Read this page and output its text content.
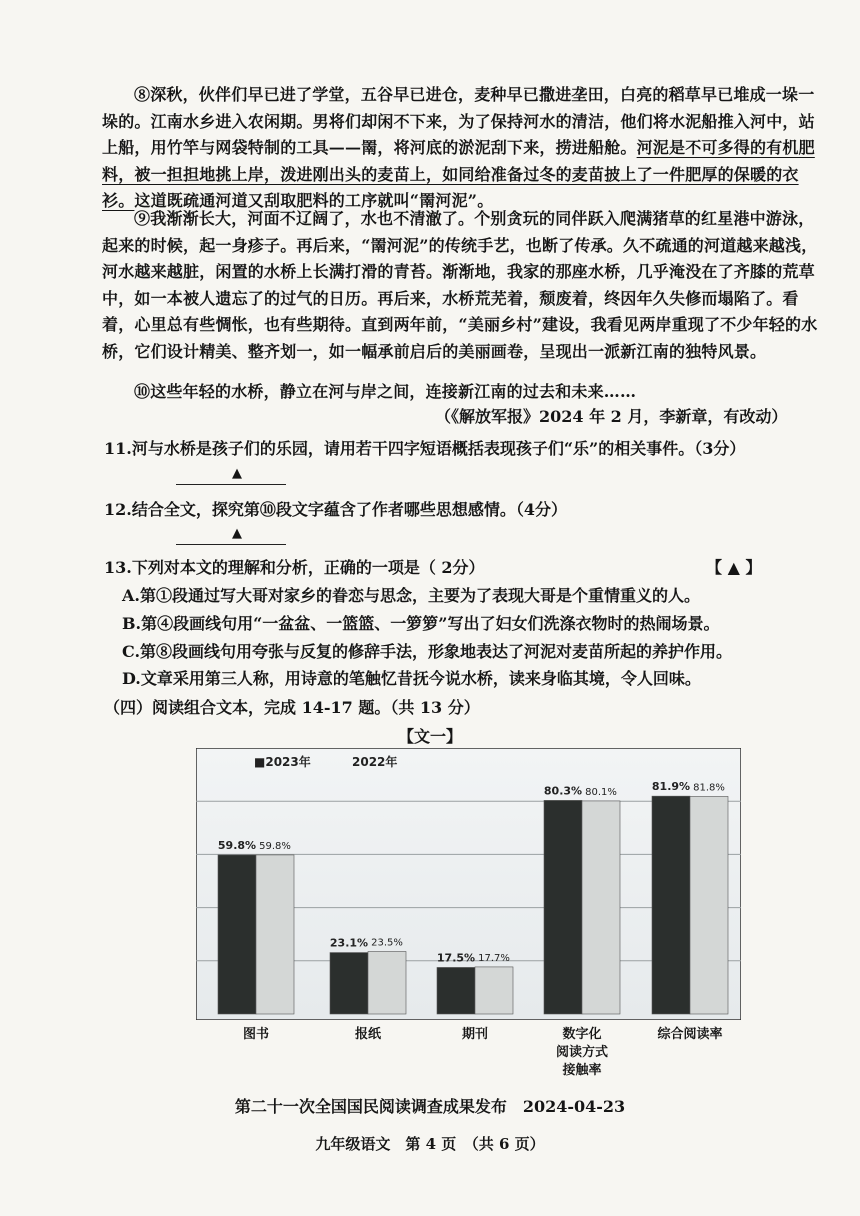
⑧深秋，伙伴们早已进了学堂，五谷早已进仓，麦种早已撒进垄田，白亮的稻草早已堆成一垛一垛的。江南水乡进入农闲期。男将们却闲不下来，为了保持河水的清洁，他们将水泥船推入河中，站上船，用竹竿与网袋特制的工具——罱，将河底的淤泥刮下来，捞进船舱。河泥是不可多得的有机肥料，被一担担地挑上岸，泼进刚出头的麦苗上，如同给准备过冬的麦苗披上了一件肥厚的保暖的衣衫。这道既疏通河道又刮取肥料的工序就叫“罱河泥”。

⑨我渐渐长大，河面不辽阔了，水也不清澈了。个别贪玩的同伴跃入爬满猪草的红星港中游泳，起来的时候，起一身疹子。再后来，“罱河泥”的传统手艺，也断了传承。久不疏通的河道越来越浅，河水越来越脏，闲置的水桥上长满打滑的青苔。渐渐地，我家的那座水桥，几乎淹没在了齐膝的荒草中，如一本被人遗忘了的过气的日历。再后来，水桥荒芜着，颓废着，终因年久失修而塌陷了。看着，心里总有些惆怅，也有些期待。直到两年前，“美丽乡村”建设，我看见两岸重现了不少年轻的水桥，它们设计精美、整齐划一，如一幅承前启后的美丽画卷，呈现出一派新江南的独特风景。

⑩这些年轻的水桥，静立在河与岸之间，连接新江南的过去和未来……

（《解放军报》2024 年 2 月，李新章，有改动）
11.河与水桥是孩子们的乐园，请用若干四字短语概括表现孩子们“乐”的相关事件。（3分）
▲
12.结合全文，探究第⑩段文字蕴含了作者哪些思想感情。（4分）
▲
13.下列对本文的理解和分析，正确的一项是（ 2分）	【 ▲ 】
A.第①段通过写大哥对家乡的眷恋与思念，主要为了表现大哥是个重情重义的人。
B.第④段画线句用“一盆盆、一篮篮、一箩箩”写出了妇女们洗涤衣物时的热闹场景。
C.第⑧段画线句用夸张与反复的修辞手法，形象地表达了河泥对麦苗所起的养护作用。
D.文章采用第三人称，用诗意的笔触忆昔抚今说水桥，读来身临其境，令人回味。
（四）阅读组合文本，完成 14-17 题。（共 13 分）
【文一】
59.8% 59.8%
23.1% 23.5%
17.5% 17.7%
80.3% 80.1%	81.9% 81.8%
■2023年	2022年
图书	报纸	期刊	数字化
阅读方式
接触率
综合阅读率
第二十一次全国国民阅读调查成果发布　2024-04-23
九年级语文　第 4 页　（共 6 页）
